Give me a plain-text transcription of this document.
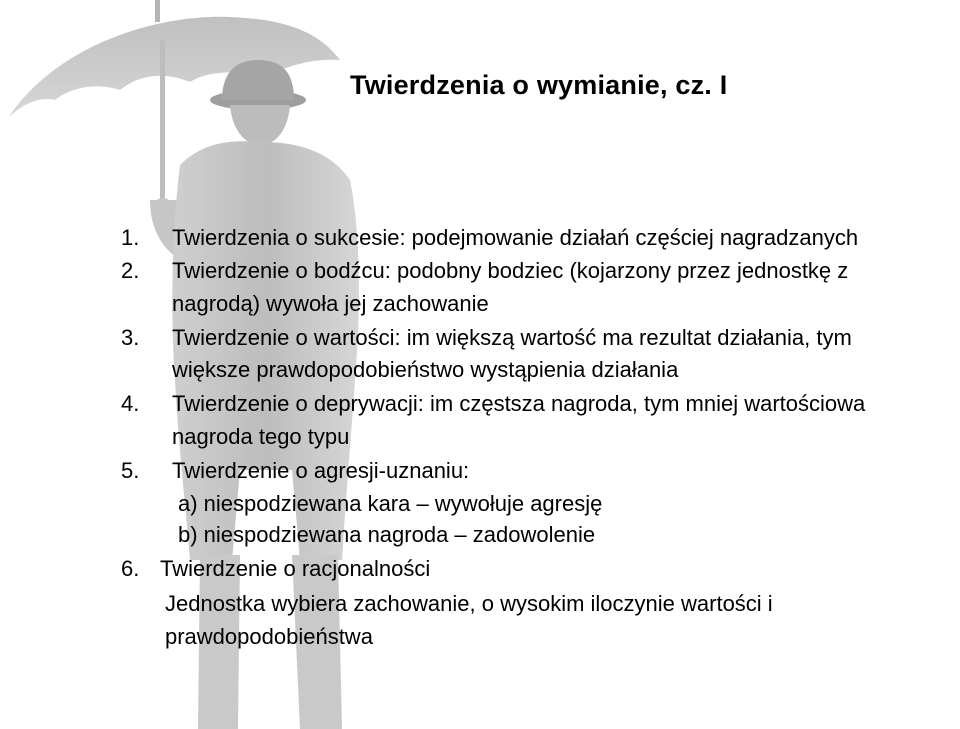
Twierdzenia o wymianie, cz. I
1. Twierdzenia o sukcesie: podejmowanie działań częściej nagradzanych
2. Twierdzenie o bodźcu: podobny bodziec (kojarzony przez jednostkę z
nagrodą) wywoła jej zachowanie
3. Twierdzenie o wartości: im większą wartość ma rezultat działania, tym
większe prawdopodobieństwo wystąpienia działania
4. Twierdzenie o deprywacji: im częstsza nagroda, tym mniej wartościowa
nagroda tego typu
5. Twierdzenie o agresji-uznaniu:
a) niespodziewana kara – wywołuje agresję
b) niespodziewana nagroda – zadowolenie
6. Twierdzenie o racjonalności
Jednostka wybiera zachowanie, o wysokim iloczynie wartości i
prawdopodobieństwa
